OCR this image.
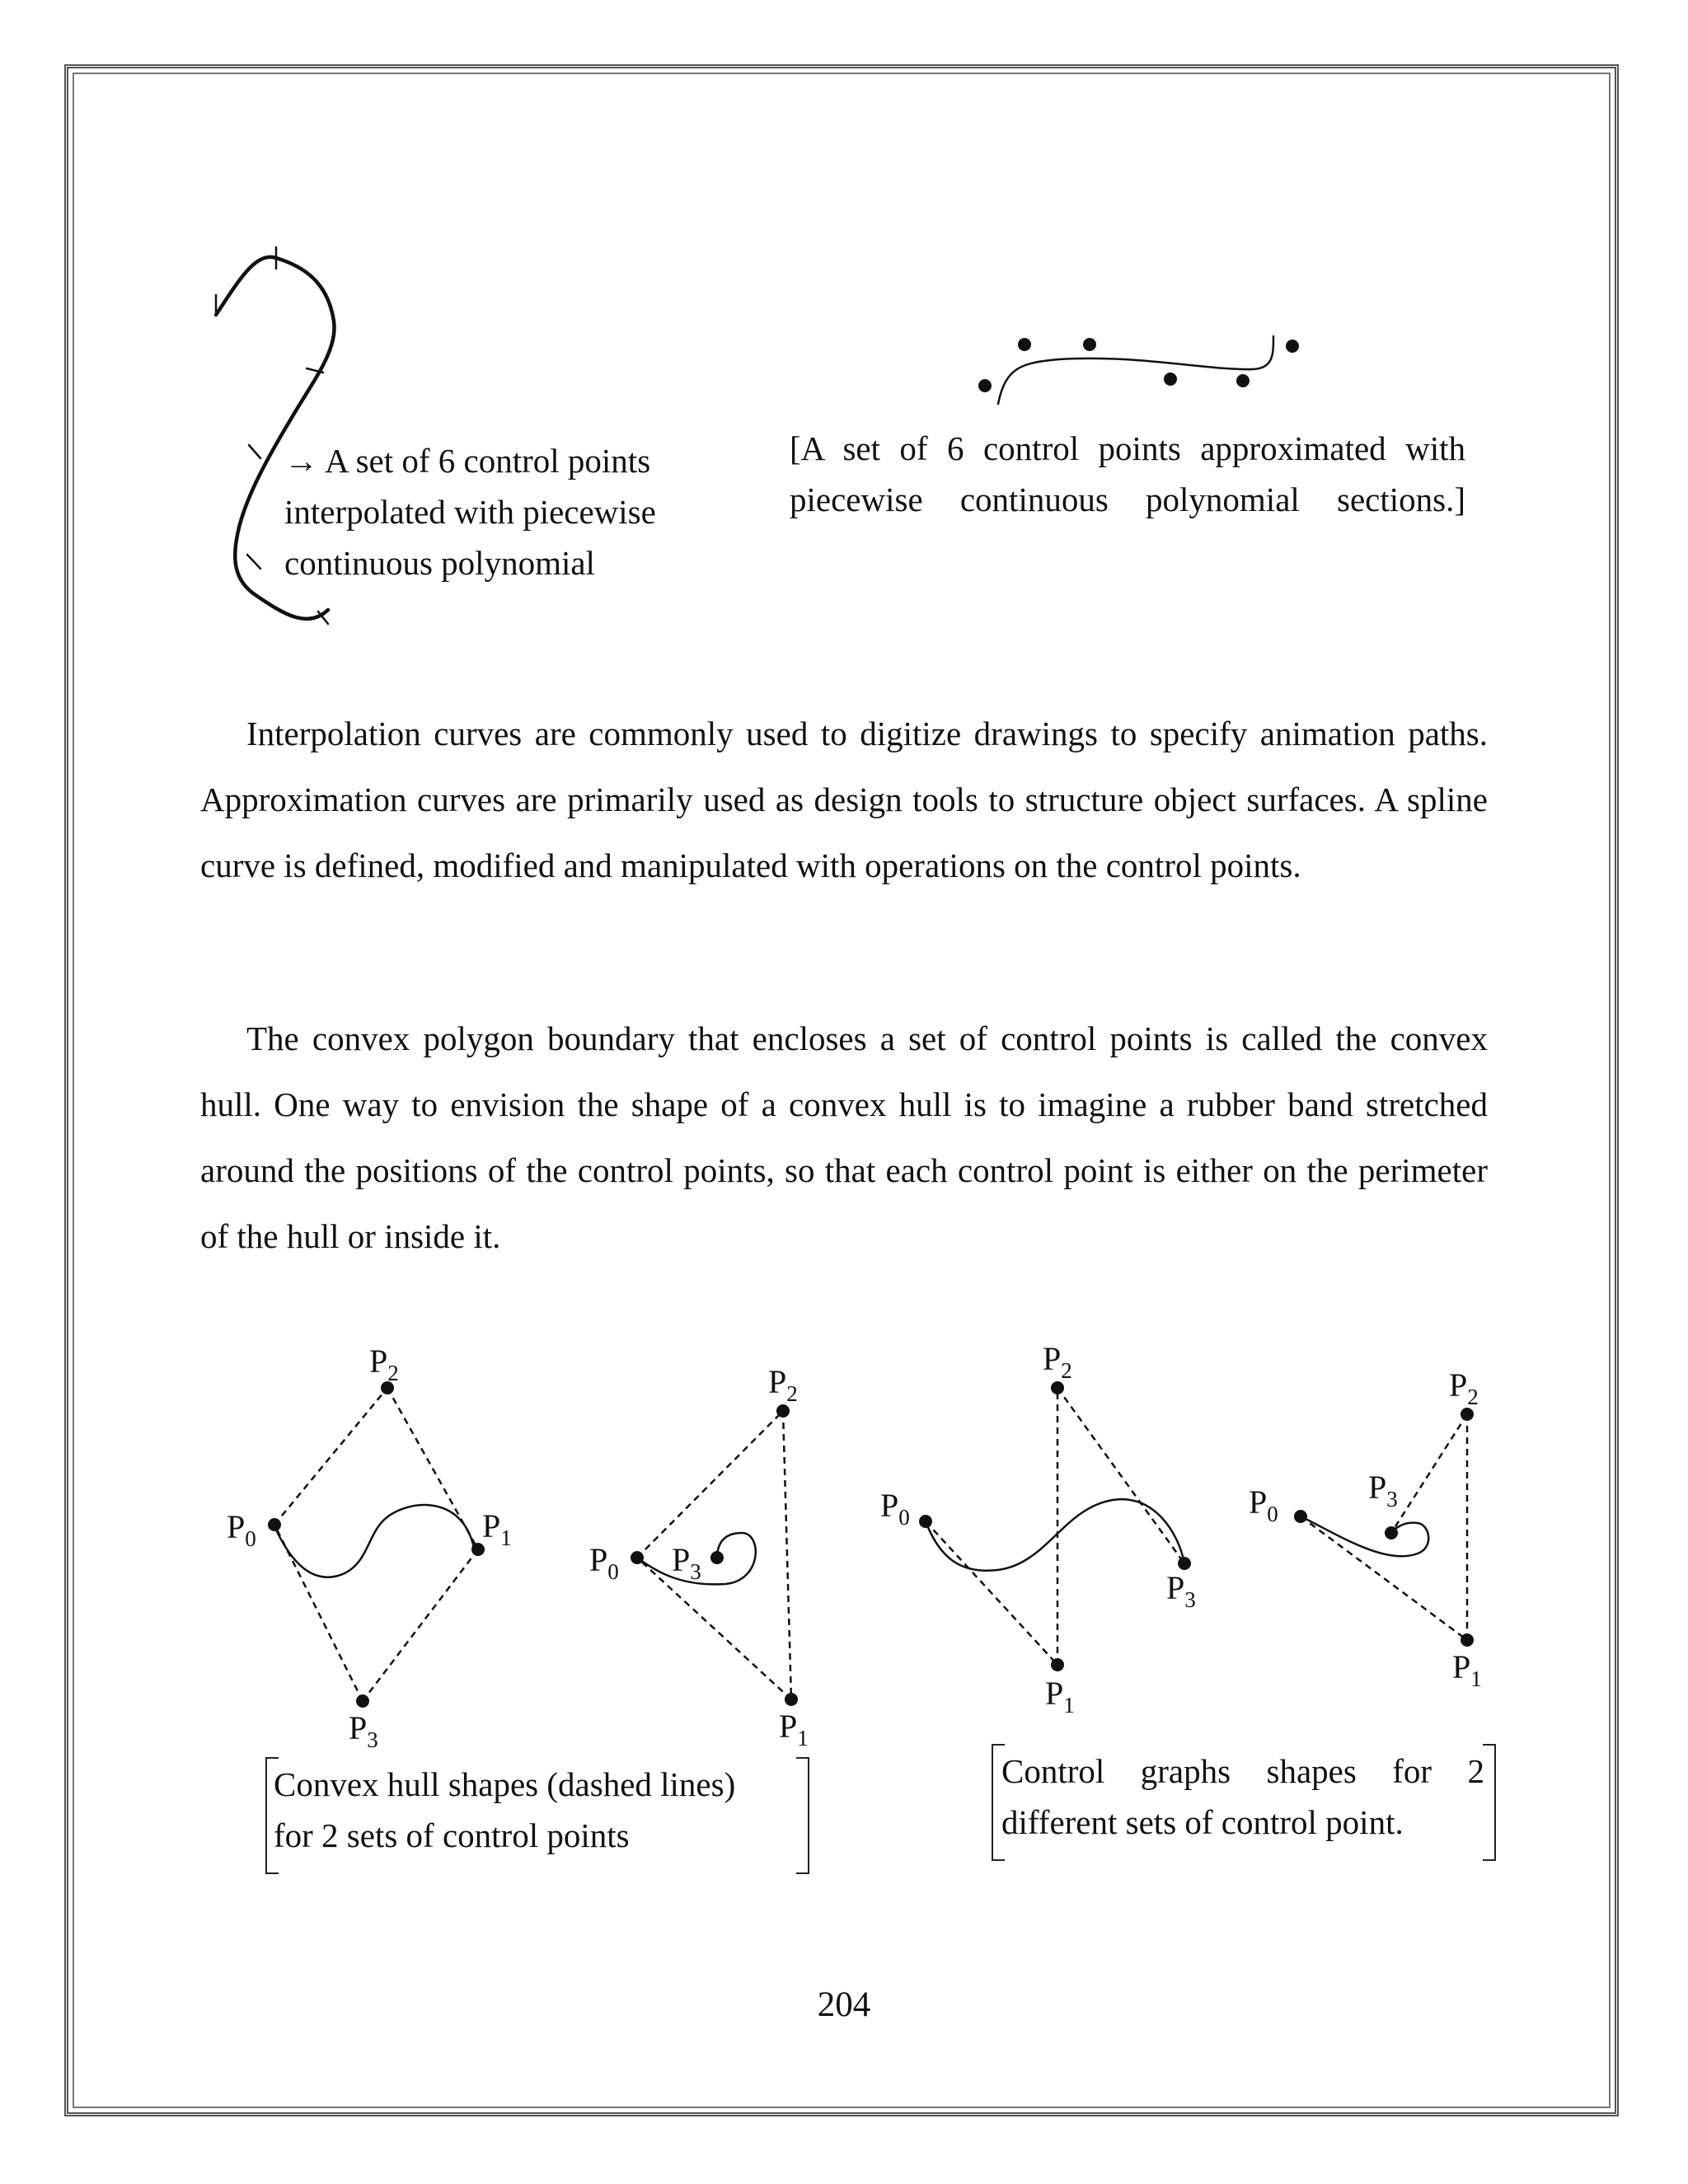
$P_0$
$P_2$
$P_1$
$P_3$
$P_0$ $P_3$
$P_2$
$P_1$
$P_0$
$P_2$
$P_1$
$P_3$
$P_0$
$P_3$
$P_2$
$P_1$
→ A set of 6 control points interpolated with piecewise continuous polynomial
[A set of 6 control points approximated with piecewise continuous polynomial sections.]

Interpolation curves are commonly used to digitize drawings to specify animation paths. Approximation curves are primarily used as design tools to structure object surfaces. A spline curve is defined, modified and manipulated with operations on the control points.

The convex polygon boundary that encloses a set of control points is called the convex hull. One way to envision the shape of a convex hull is to imagine a rubber band stretched around the positions of the control points, so that each control point is either on the perimeter of the hull or inside it.

Convex hull shapes (dashed lines)
for 2 sets of control points
Control graphs shapes for 2
different sets of control point.
204
